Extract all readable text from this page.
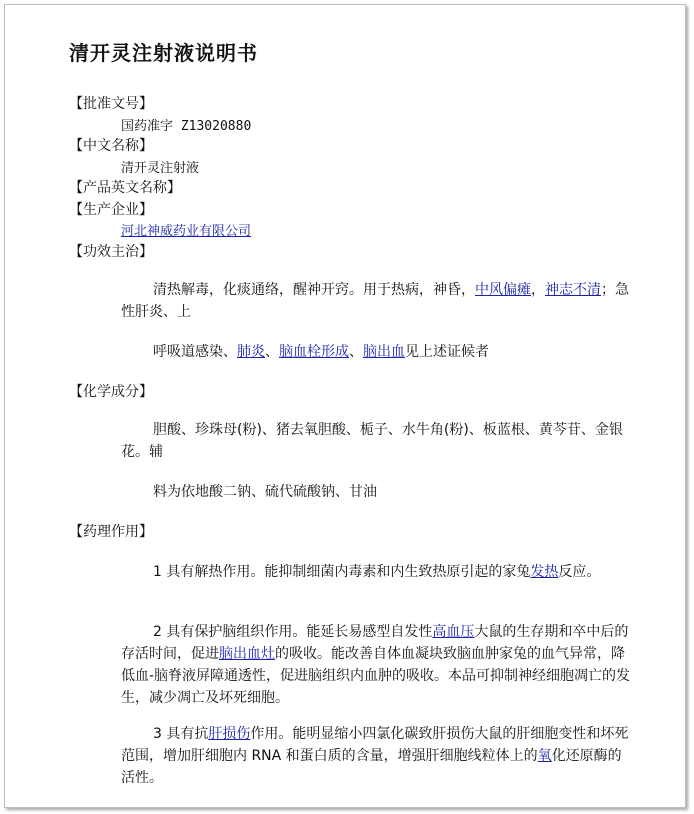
清开灵注射液说明书
【批准文号】
国药准字 Z13020880
【中文名称】
清开灵注射液
【产品英文名称】
【生产企业】
河北神威药业有限公司
【功效主治】
清热解毒，化痰通络，醒神开窍。用于热病，神昏，中风偏瘫，神志不清；急性肝炎、上
呼吸道感染、肺炎、脑血栓形成、脑出血见上述证候者
【化学成分】
胆酸、珍珠母(粉)、猪去氧胆酸、栀子、水牛角(粉)、板蓝根、黄芩苷、金银花。辅
料为依地酸二钠、硫代硫酸钠、甘油
【药理作用】
1 具有解热作用。能抑制细菌内毒素和内生致热原引起的家兔发热反应。
2 具有保护脑组织作用。能延长易感型自发性高血压大鼠的生存期和卒中后的存活时间，促进脑出血灶的吸收。能改善自体血凝块致脑血肿家兔的血气异常，降低血-脑脊液屏障通透性，促进脑组织内血肿的吸收。本品可抑制神经细胞凋亡的发生，减少凋亡及坏死细胞。
3 具有抗肝损伤作用。能明显缩小四氯化碳致肝损伤大鼠的肝细胞变性和坏死范围，增加肝细胞内 RNA 和蛋白质的含量，增强肝细胞线粒体上的氧化还原酶的活性。
